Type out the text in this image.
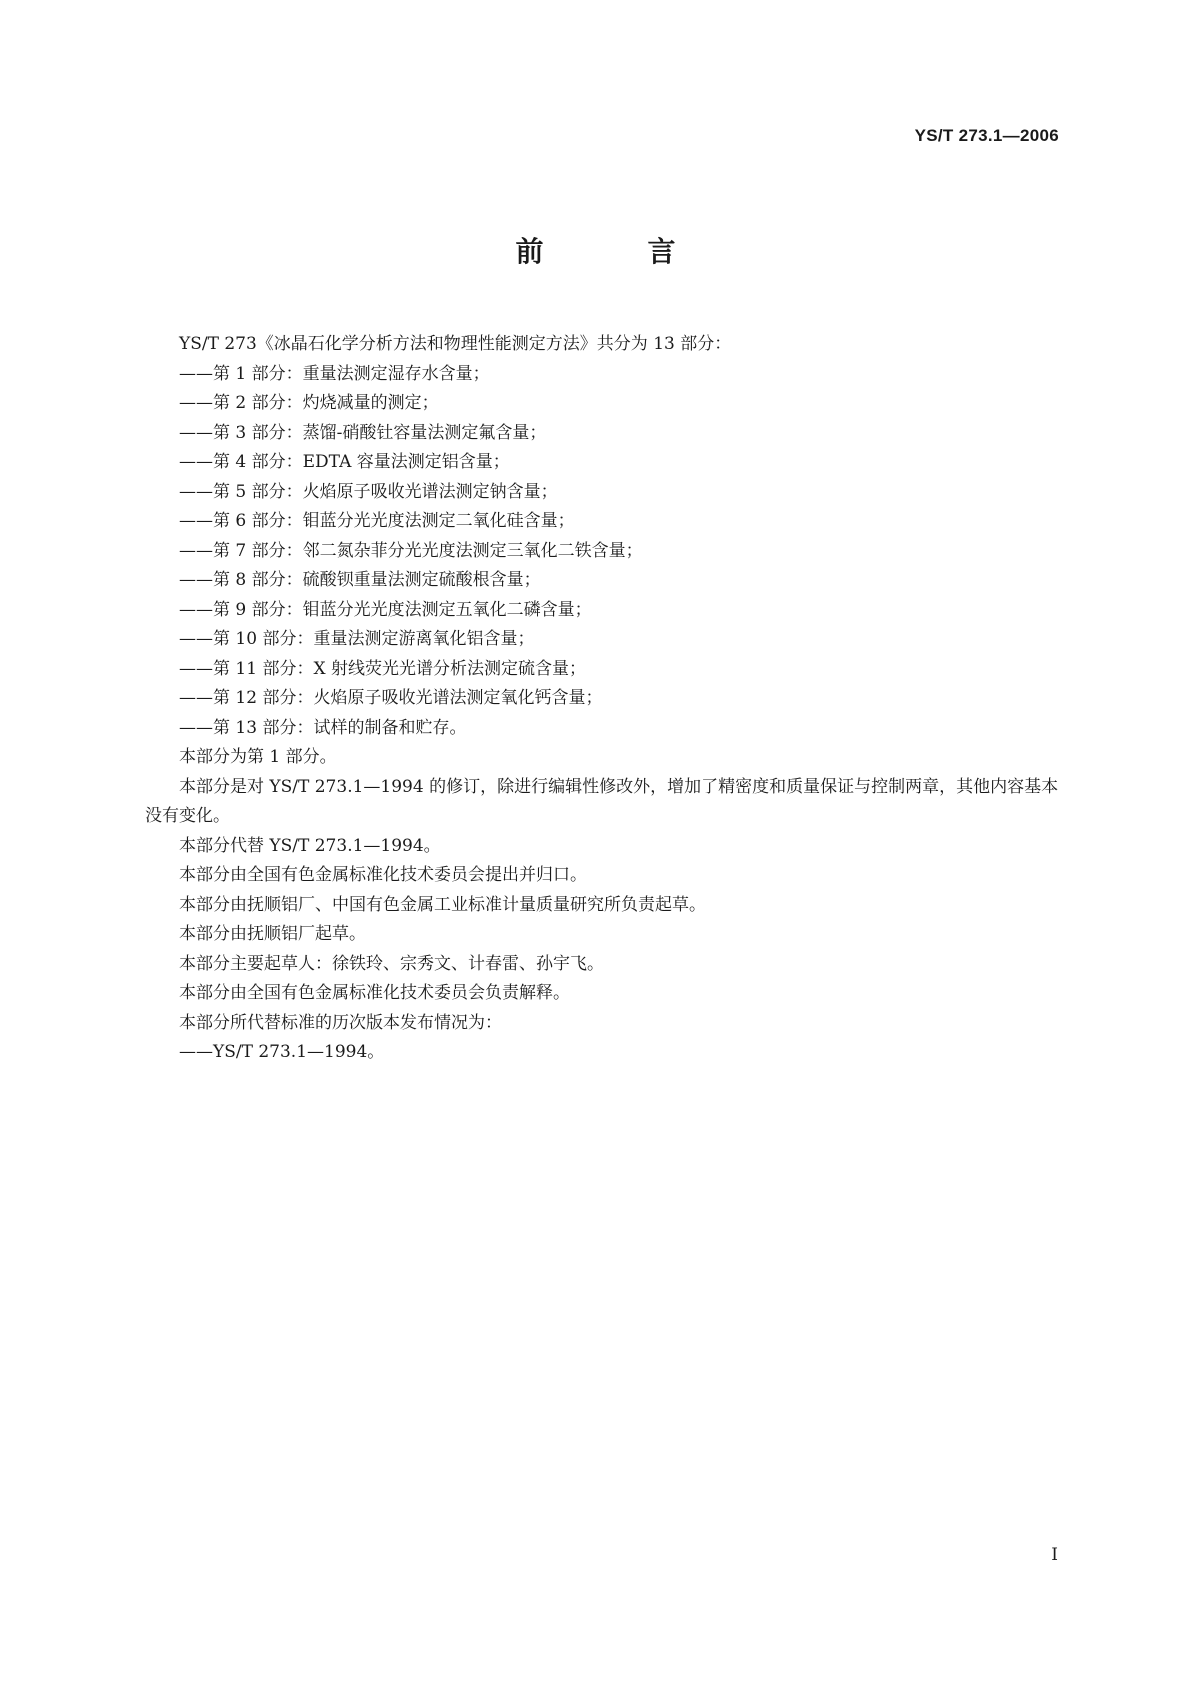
YS/T 273.1—2006
前　言

YS/T 273《冰晶石化学分析方法和物理性能测定方法》共分为 13 部分：

——第 1 部分：重量法测定湿存水含量；

——第 2 部分：灼烧减量的测定；

——第 3 部分：蒸馏-硝酸钍容量法测定氟含量；

——第 4 部分：EDTA 容量法测定铝含量；

——第 5 部分：火焰原子吸收光谱法测定钠含量；

——第 6 部分：钼蓝分光光度法测定二氧化硅含量；

——第 7 部分：邻二氮杂菲分光光度法测定三氧化二铁含量；

——第 8 部分：硫酸钡重量法测定硫酸根含量；

——第 9 部分：钼蓝分光光度法测定五氧化二磷含量；

——第 10 部分：重量法测定游离氧化铝含量；

——第 11 部分：X 射线荧光光谱分析法测定硫含量；

——第 12 部分：火焰原子吸收光谱法测定氧化钙含量；

——第 13 部分：试样的制备和贮存。

本部分为第 1 部分。

本部分是对 YS/T 273.1—1994 的修订，除进行编辑性修改外，增加了精密度和质量保证与控制两章，其他内容基本没有变化。

本部分代替 YS/T 273.1—1994。

本部分由全国有色金属标准化技术委员会提出并归口。

本部分由抚顺铝厂、中国有色金属工业标准计量质量研究所负责起草。

本部分由抚顺铝厂起草。

本部分主要起草人：徐铁玲、宗秀文、计春雷、孙宇飞。

本部分由全国有色金属标准化技术委员会负责解释。

本部分所代替标准的历次版本发布情况为：

——YS/T 273.1—1994。

I
